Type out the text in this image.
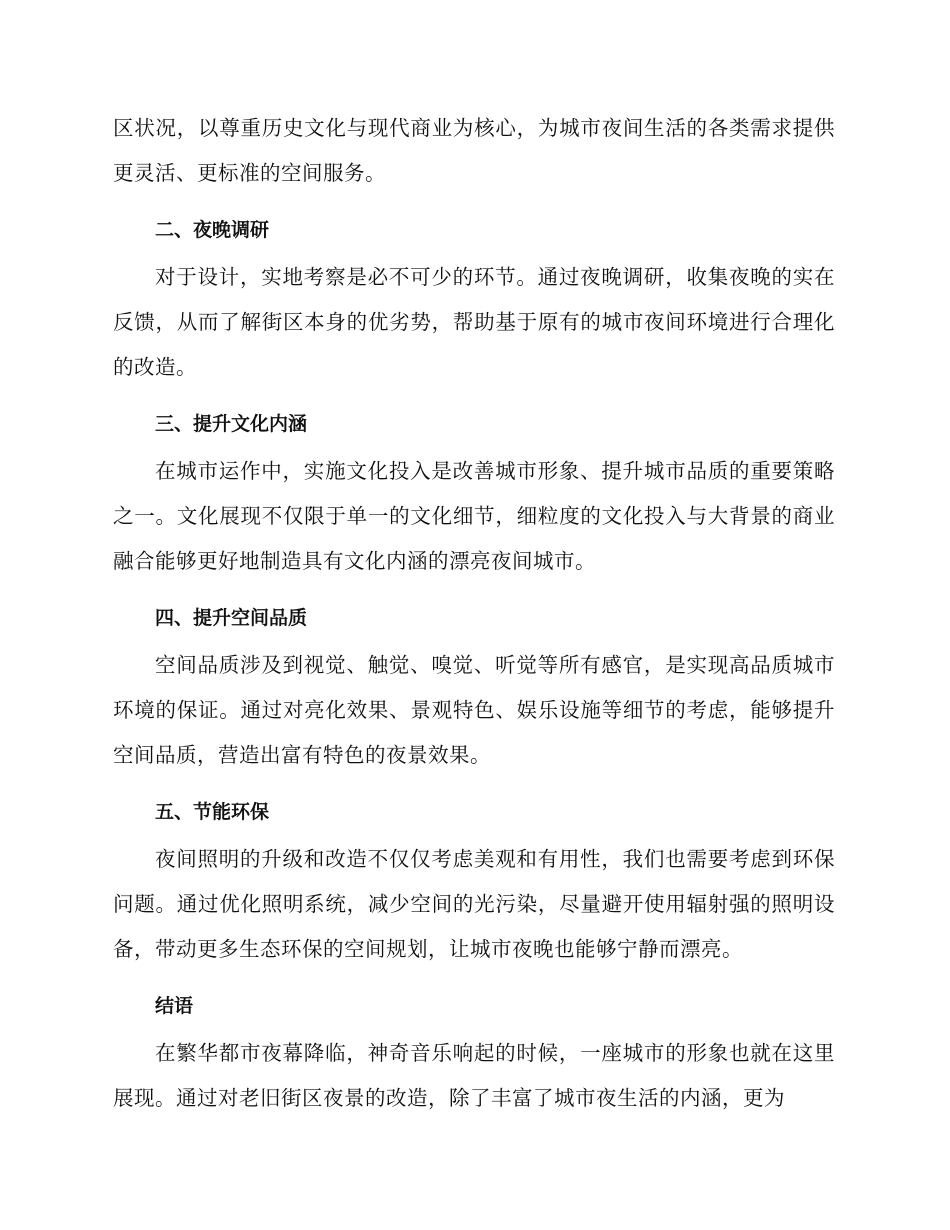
区状况，以尊重历史文化与现代商业为核心，为城市夜间生活的各类需求提供更灵活、更标准的空间服务。

二、夜晚调研

对于设计，实地考察是必不可少的环节。通过夜晚调研，收集夜晚的实在反馈，从而了解街区本身的优劣势，帮助基于原有的城市夜间环境进行合理化的改造。

三、提升文化内涵

在城市运作中，实施文化投入是改善城市形象、提升城市品质的重要策略之一。文化展现不仅限于单一的文化细节，细粒度的文化投入与大背景的商业融合能够更好地制造具有文化内涵的漂亮夜间城市。

四、提升空间品质

空间品质涉及到视觉、触觉、嗅觉、听觉等所有感官，是实现高品质城市环境的保证。通过对亮化效果、景观特色、娱乐设施等细节的考虑，能够提升空间品质，营造出富有特色的夜景效果。

五、节能环保

夜间照明的升级和改造不仅仅考虑美观和有用性，我们也需要考虑到环保问题。通过优化照明系统，减少空间的光污染，尽量避开使用辐射强的照明设备，带动更多生态环保的空间规划，让城市夜晚也能够宁静而漂亮。

结语

在繁华都市夜幕降临，神奇音乐响起的时候，一座城市的形象也就在这里展现。通过对老旧街区夜景的改造，除了丰富了城市夜生活的内涵，更为
